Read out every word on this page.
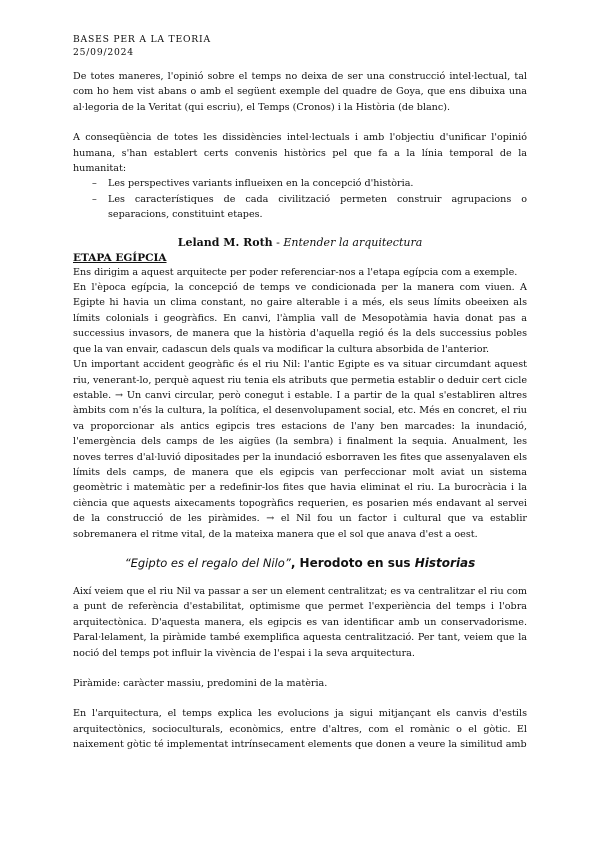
BASES PER A LA TEORIA
25/09/2024

De totes maneres, l'opinió sobre el temps no deixa de ser una construcció intel·lectual, tal com ho hem vist abans o amb el següent exemple del quadre de Goya, que ens dibuixa una al·legoria de la Veritat (qui escriu), el Temps (Cronos) i la Història (de blanc).

A conseqüència de totes les dissidències intel·lectuals i amb l'objectiu d'unificar l'opinió humana, s'han establert certs convenis històrics pel que fa a la línia temporal de la humanitat:

– Les perspectives variants influeixen en la concepció d'història.
– Les característiques de cada civilització permeten construir agrupacions o separacions, constituint etapes.

Leland M. Roth - Entender la arquitectura

ETAPA EGÍPCIA

Ens dirigim a aquest arquitecte per poder referenciar-nos a l'etapa egípcia com a exemple.

En l'època egípcia, la concepció de temps ve condicionada per la manera com viuen. A Egipte hi havia un clima constant, no gaire alterable i a més, els seus límits obeeixen als límits colonials i geogràfics. En canvi, l'àmplia vall de Mesopotàmia havia donat pas a successius invasors, de manera que la història d'aquella regió és la dels successius pobles que la van envair, cadascun dels quals va modificar la cultura absorbida de l'anterior.

Un important accident geogràfic és el riu Nil: l'antic Egipte es va situar circumdant aquest riu, venerant-lo, perquè aquest riu tenia els atributs que permetia establir o deduir cert cicle estable. → Un canvi circular, però conegut i estable. I a partir de la qual s'establiren altres àmbits com n'és la cultura, la política, el desenvolupament social, etc. Més en concret, el riu va proporcionar als antics egipcis tres estacions de l'any ben marcades: la inundació, l'emergència dels camps de les aigües (la sembra) i finalment la sequia. Anualment, les noves terres d'al·luvió dipositades per la inundació esborraven les fites que assenyalaven els límits dels camps, de manera que els egipcis van perfeccionar molt aviat un sistema geomètric i matemàtic per a redefinir-los fites que havia eliminat el riu. La burocràcia i la ciència que aquests aixecaments topogràfics requerien, es posarien més endavant al servei de la construcció de les piràmides. → el Nil fou un factor i cultural que va establir sobremanera el ritme vital, de la mateixa manera que el sol que anava d'est a oest.

“Egipto es el regalo del Nilo”, Herodoto en sus Historias

Així veiem que el riu Nil va passar a ser un element centralitzat; es va centralitzar el riu com a punt de referència d'estabilitat, optimisme que permet l'experiència del temps i l'obra arquitectònica. D'aquesta manera, els egipcis es van identificar amb un conservadorisme. Paral·lelament, la piràmide també exemplifica aquesta centralització. Per tant, veiem que la noció del temps pot influir la vivència de l'espai i la seva arquitectura.

Piràmide: caràcter massiu, predomini de la matèria.

En l'arquitectura, el temps explica les evolucions ja sigui mitjançant els canvis d'estils arquitectònics, socioculturals, econòmics, entre d'altres, com el romànic o el gòtic. El naixement gòtic té implementat intrínsecament elements que donen a veure la similitud amb
